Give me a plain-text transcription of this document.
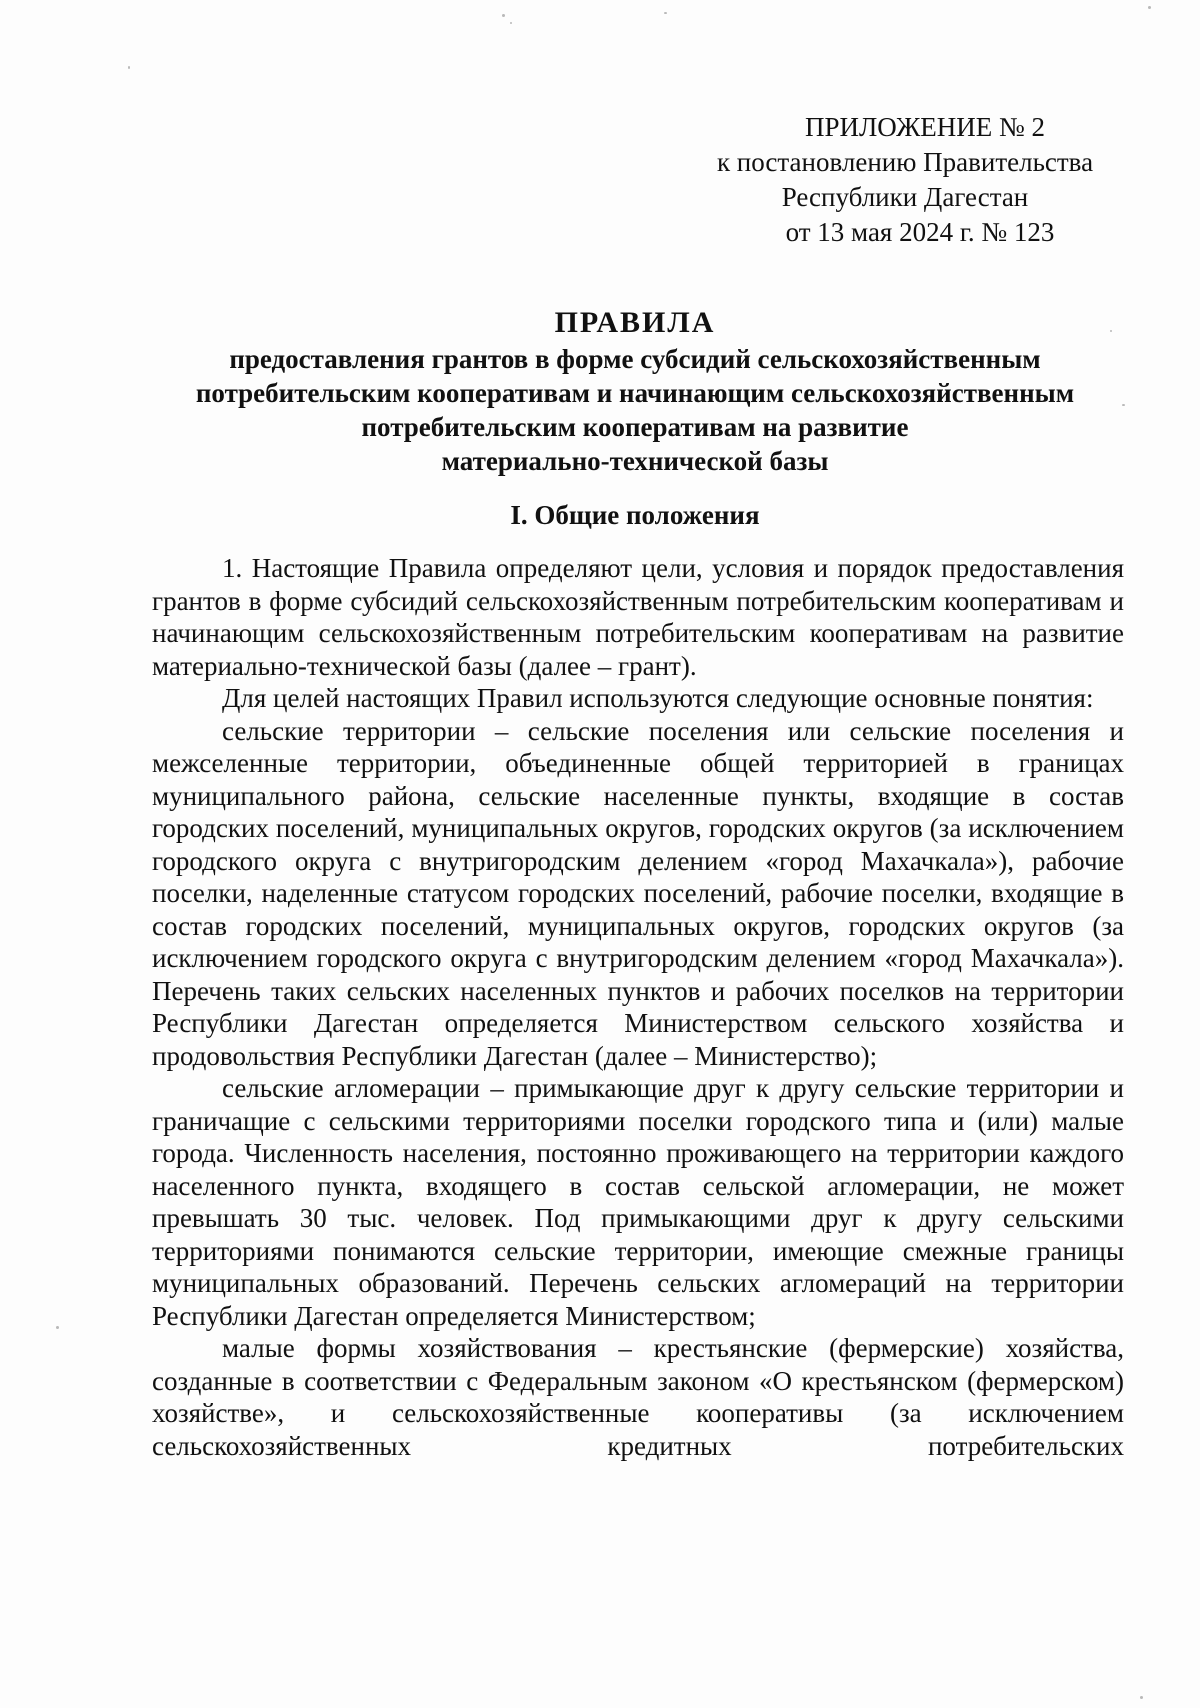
ПРИЛОЖЕНИЕ № 2
к постановлению Правительства
Республики Дагестан
от 13 мая 2024 г. № 123
ПРАВИЛА
предоставления грантов в форме субсидий сельскохозяйственным
потребительским кооперативам и начинающим сельскохозяйственным
потребительским кооперативам на развитие
материально-технической базы
I. Общие положения

1. Настоящие Правила определяют цели, условия и порядок предоставления грантов в форме субсидий сельскохозяйственным потребительским кооперативам и начинающим сельскохозяйственным потребительским кооперативам на развитие материально-технической базы (далее – грант).

Для целей настоящих Правил используются следующие основные понятия:

сельские территории – сельские поселения или сельские поселения и межселенные территории, объединенные общей территорией в границах муниципального района, сельские населенные пункты, входящие в состав городских поселений, муниципальных округов, городских округов (за исключением городского округа с внутригородским делением «город Махачкала»), рабочие поселки, наделенные статусом городских поселений, рабочие поселки, входящие в состав городских поселений, муниципальных округов, городских округов (за исключением городского округа с внутригородским делением «город Махачкала»). Перечень таких сельских населенных пунктов и рабочих поселков на территории Республики Дагестан определяется Министерством сельского хозяйства и продовольствия Республики Дагестан (далее – Министерство);

сельские агломерации – примыкающие друг к другу сельские территории и граничащие с сельскими территориями поселки городского типа и (или) малые города. Численность населения, постоянно проживающего на территории каждого населенного пункта, входящего в состав сельской агломерации, не может превышать 30 тыс. человек. Под примыкающими друг к другу сельскими территориями понимаются сельские территории, имеющие смежные границы муниципальных образований. Перечень сельских агломераций на территории Республики Дагестан определяется Министерством;

малые формы хозяйствования – крестьянские (фермерские) хозяйства, созданные в соответствии с Федеральным законом «О крестьянском (фермерском) хозяйстве», и сельскохозяйственные кооперативы (за исключением сельскохозяйственных кредитных потребительских
